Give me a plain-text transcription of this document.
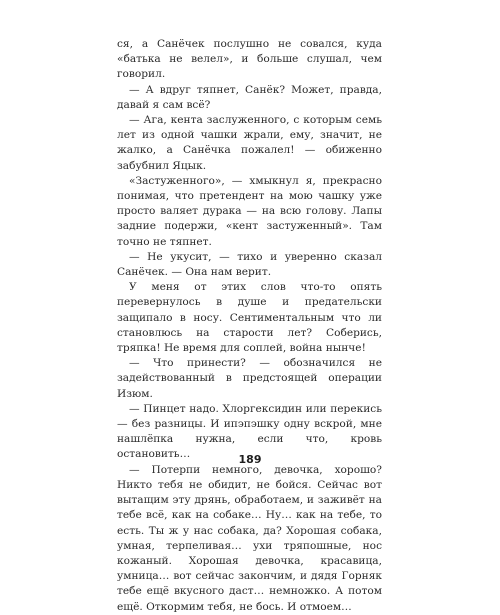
ся, а Санёчек послушно не совался, куда «батька не велел», и больше слушал, чем говорил.

— А вдруг тяпнет, Санёк? Может, правда, давай я сам всё?

— Ага, кента заслуженного, с которым семь лет из одной чашки жрали, ему, значит, не жалко, а Санёчка пожалел! — обиженно забубнил Яцык.

«Застуженного», — хмыкнул я, прекрасно понимая, что претендент на мою чашку уже просто валяет дурака — на всю голову. Лапы задние подержи, «кент застуженный». Там точно не тяпнет.

— Не укусит, — тихо и уверенно сказал Санёчек. — Она нам верит.

У меня от этих слов что-то опять перевернулось в душе и предательски защипало в носу. Сентиментальным что ли становлюсь на старости лет? Соберись, тряпка! Не время для соплей, война нынче!

— Что принести? — обозначился не задействованный в предстоящей операции Изюм.

— Пинцет надо. Хлоргексидин или перекись — без разницы. И ипэпэшку одну вскрой, мне нашлёпка нужна, если что, кровь остановить…

— Потерпи немного, девочка, хорошо? Никто тебя не обидит, не бойся. Сейчас вот вытащим эту дрянь, обработаем, и заживёт на тебе всё, как на собаке… Ну… как на тебе, то есть. Ты ж у нас собака, да? Хорошая собака, умная, терпеливая… ухи тряпошные, нос кожаный. Хорошая девочка, красавица, умница… вот сейчас закончим, и дядя Горняк тебе ещё вкусного даст… немножко. А потом ещё. Откормим тебя, не бось. И отмоем…

189
